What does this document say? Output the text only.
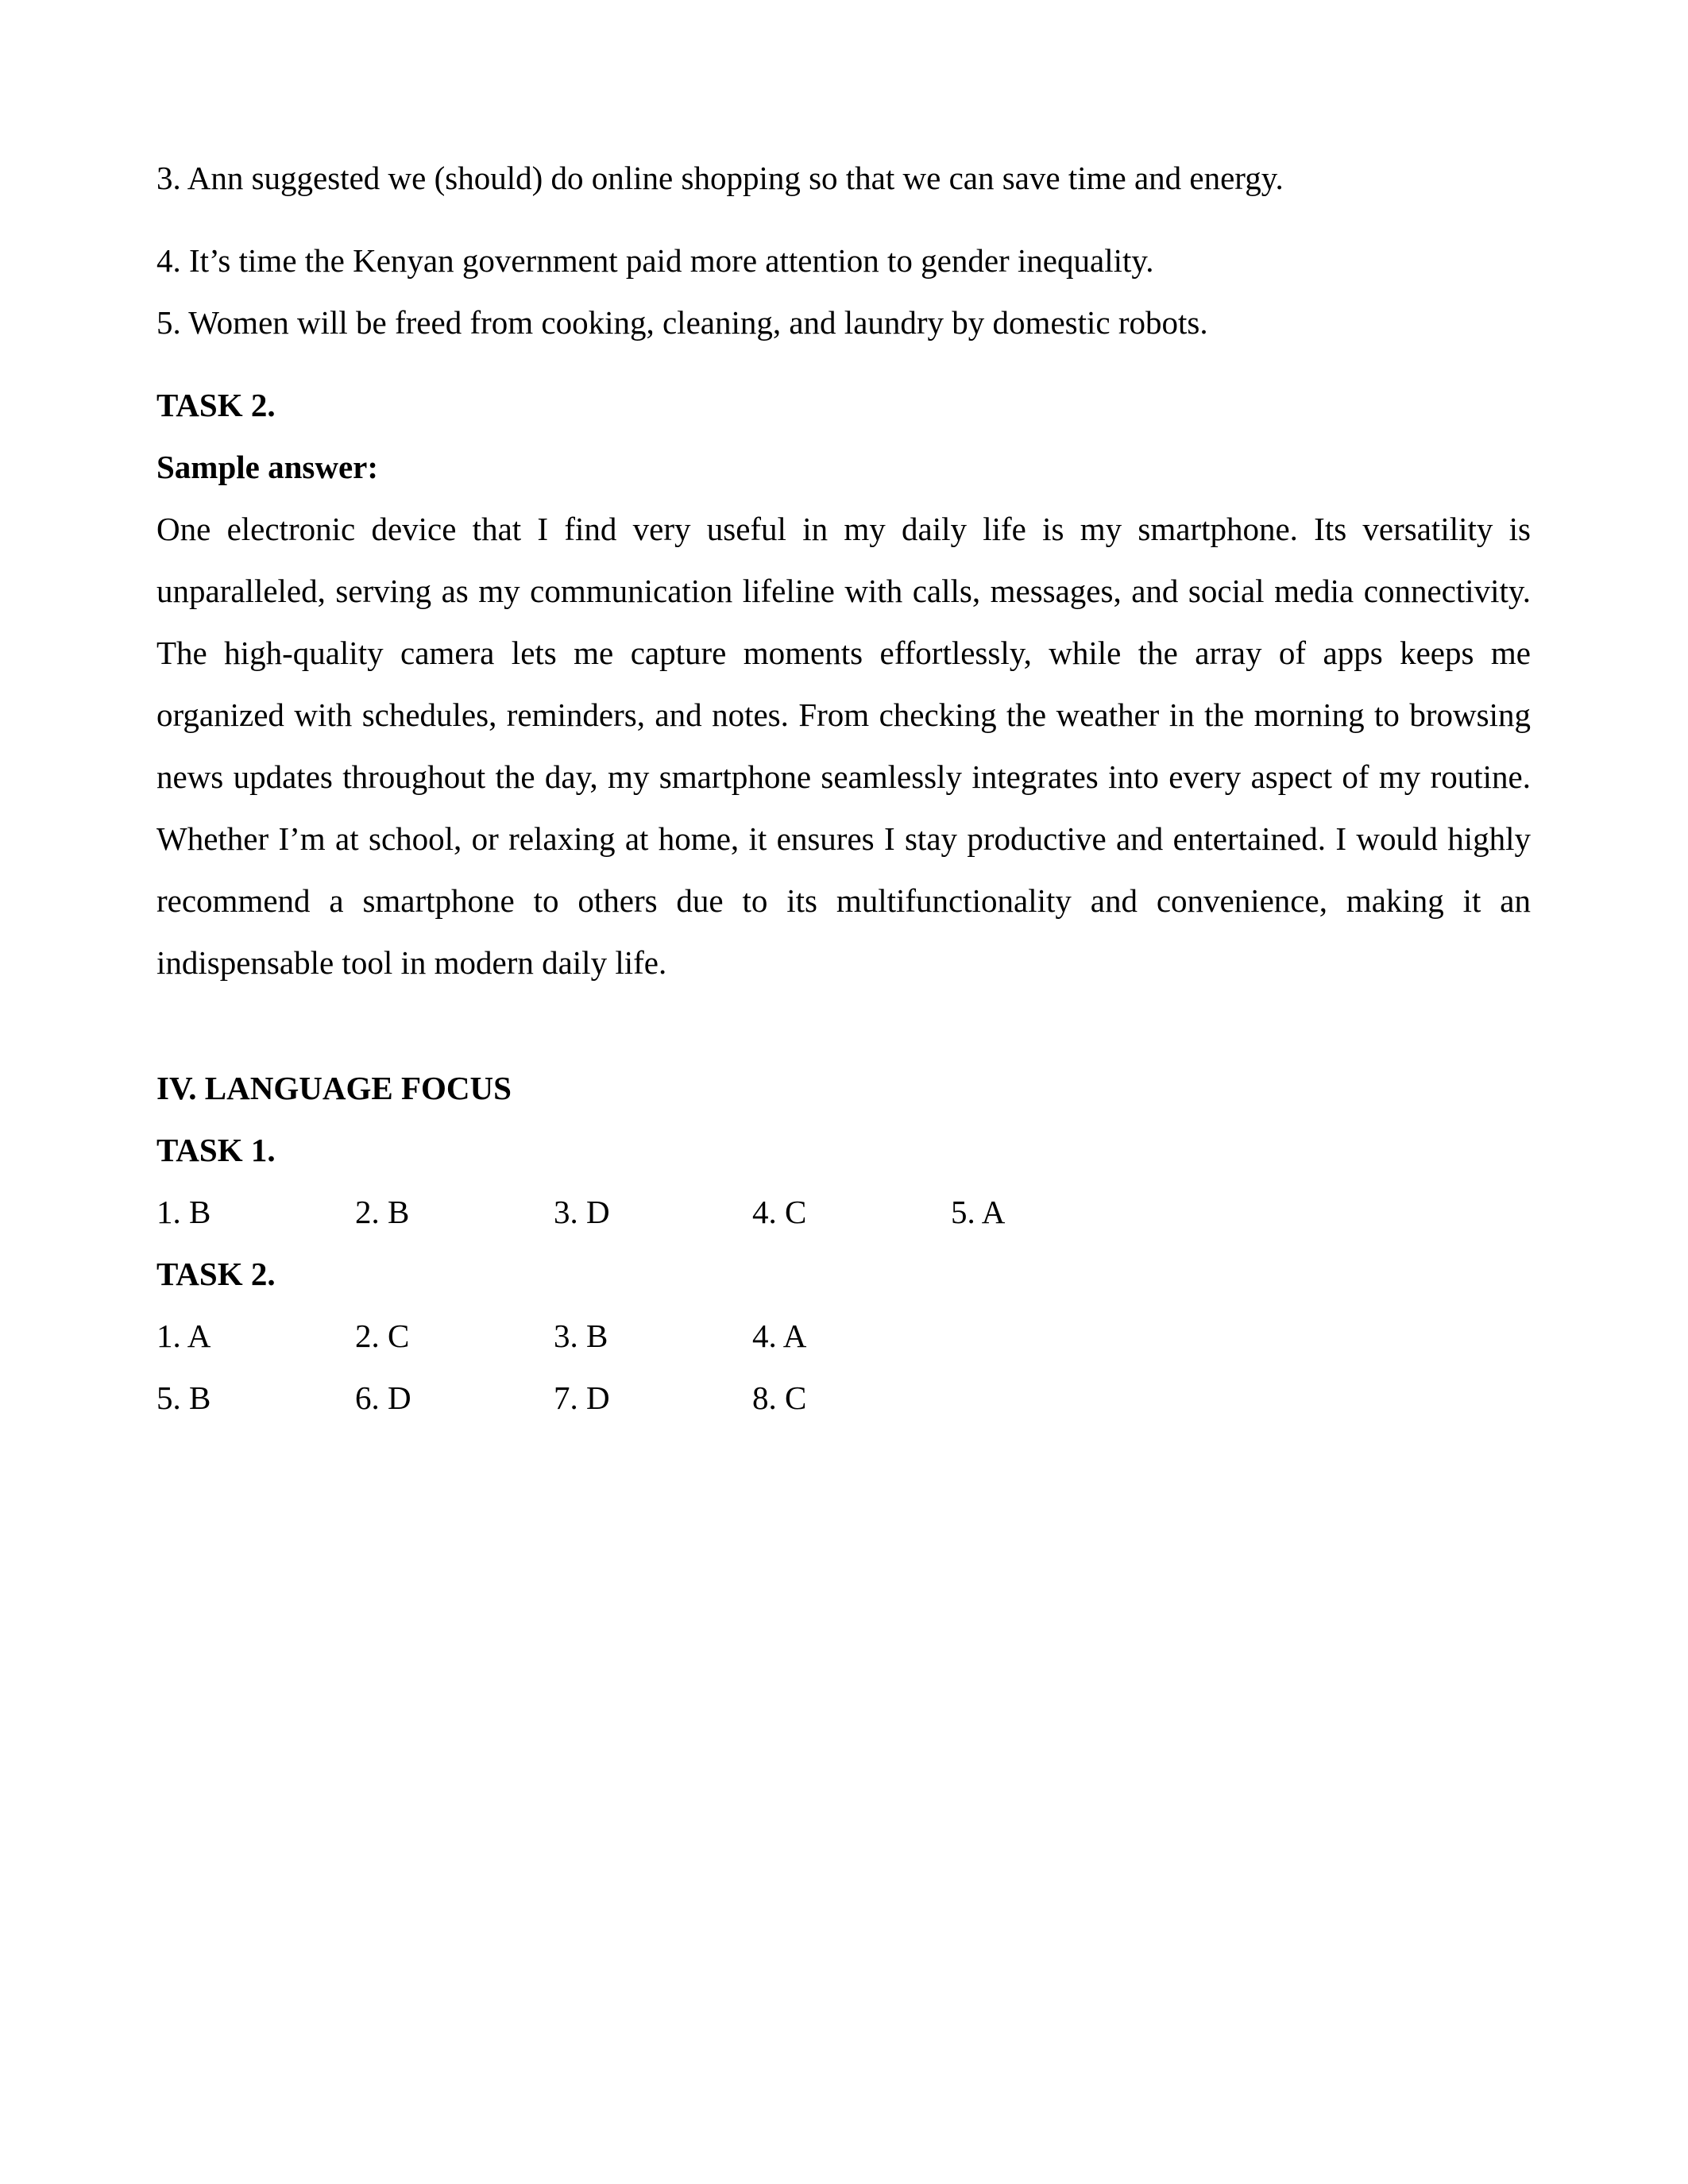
3. Ann suggested we (should) do online shopping so that we can save time and energy.

4. It’s time the Kenyan government paid more attention to gender inequality.

5. Women will be freed from cooking, cleaning, and laundry by domestic robots.

TASK 2.

Sample answer:

One electronic device that I find very useful in my daily life is my smartphone. Its versatility is unparalleled, serving as my communication lifeline with calls, messages, and social media connectivity. The high-quality camera lets me capture moments effortlessly, while the array of apps keeps me organized with schedules, reminders, and notes. From checking the weather in the morning to browsing news updates throughout the day, my smartphone seamlessly integrates into every aspect of my routine. Whether I’m at school, or relaxing at home, it ensures I stay productive and entertained. I would highly recommend a smartphone to others due to its multifunctionality and convenience, making it an indispensable tool in modern daily life.

IV. LANGUAGE FOCUS

TASK 1.

1. B	2. B	3. D	4. C	5. A

TASK 2.

1. A	2. C	3. B	4. A
5. B	6. D	7. D	8. C
